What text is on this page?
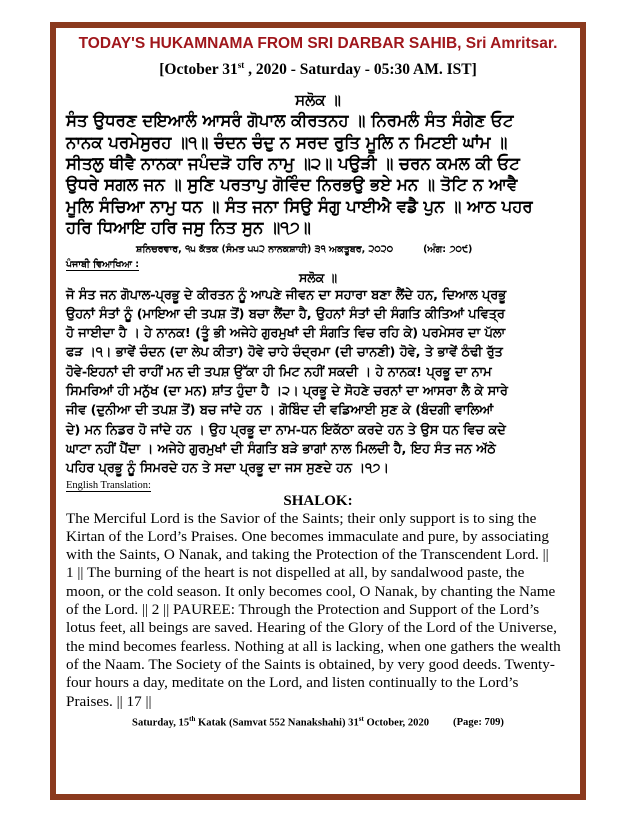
TODAY'S HUKAMNAMA FROM SRI DARBAR SAHIB, Sri Amritsar.
[October 31st , 2020 - Saturday - 05:30 AM. IST]
ਸਲੋਕ ॥
ਸੰਤ ਉਧਰਣ ਦਇਆਲੰ ਆਸਰੰ ਗੋਪਾਲ ਕੀਰਤਨਹ ॥ ਨਿਰਮਲੰ ਸੰਤ ਸੰਗੇਣ ਓਟ
ਨਾਨਕ ਪਰਮੇਸੁਰਹ ॥੧॥ ਚੰਦਨ ਚੰਦੁ ਨ ਸਰਦ ਰੁਤਿ ਮੂਲਿ ਨ ਮਿਟਈ ਘਾਂਮ ॥
ਸੀਤਲੁ ਥੀਵੈ ਨਾਨਕਾ ਜਪੰਦੜੋ ਹਰਿ ਨਾਮੁ ॥੨॥ ਪਉੜੀ ॥ ਚਰਨ ਕਮਲ ਕੀ ਓਟ
ਉਧਰੇ ਸਗਲ ਜਨ ॥ ਸੁਣਿ ਪਰਤਾਪੁ ਗੋਵਿੰਦ ਨਿਰਭਉ ਭਏ ਮਨ ॥ ਤੋਟਿ ਨ ਆਵੈ
ਮੂਲਿ ਸੰਚਿਆ ਨਾਮੁ ਧਨ ॥ ਸੰਤ ਜਨਾ ਸਿਉ ਸੰਗੁ ਪਾਈਐ ਵਡੈ ਪੁਨ ॥ ਆਠ ਪਹਰ
ਹਰਿ ਧਿਆਇ ਹਰਿ ਜਸੁ ਨਿਤ ਸੁਨ ॥੧੭॥
ਸ਼ਨਿਚਰਵਾਰ, ੧੫ ਕੱਤਕ (ਸੰਮਤ ੫੫੨ ਨਾਨਕਸ਼ਾਹੀ) ੩੧ ਅਕਤੂਬਰ, ੨੦੨੦	(ਅੰਗ: ੭੦੯)
ਪੰਜਾਬੀ ਵਿਆਖਿਆ :
ਸਲੋਕ ॥
ਜੋ ਸੰਤ ਜਨ ਗੋਪਾਲ-ਪ੍ਰਭੂ ਦੇ ਕੀਰਤਨ ਨੂੰ ਆਪਣੇ ਜੀਵਨ ਦਾ ਸਹਾਰਾ ਬਣਾ ਲੈਂਦੇ ਹਨ, ਦਿਆਲ ਪ੍ਰਭੂ
ਉਹਨਾਂ ਸੰਤਾਂ ਨੂੰ (ਮਾਇਆ ਦੀ ਤਪਸ਼ ਤੋਂ) ਬਚਾ ਲੈਂਦਾ ਹੈ, ਉਹਨਾਂ ਸੰਤਾਂ ਦੀ ਸੰਗਤਿ ਕੀਤਿਆਂ ਪਵਿਤ੍ਰ
ਹੋ ਜਾਈਦਾ ਹੈ । ਹੇ ਨਾਨਕ! (ਤੂੰ ਭੀ ਅਜੇਹੇ ਗੁਰਮੁਖਾਂ ਦੀ ਸੰਗਤਿ ਵਿਚ ਰਹਿ ਕੇ) ਪਰਮੇਸਰ ਦਾ ਪੱਲਾ
ਫੜ ।੧। ਭਾਵੇਂ ਚੰਦਨ (ਦਾ ਲੇਪ ਕੀਤਾ) ਹੋਵੇ ਚਾਹੇ ਚੰਦ੍ਰਮਾ (ਦੀ ਚਾਨਣੀ) ਹੋਵੇ, ਤੇ ਭਾਵੇਂ ਠੰਢੀ ਰੁੱਤ
ਹੋਵੇ-ਇਹਨਾਂ ਦੀ ਰਾਹੀਂ ਮਨ ਦੀ ਤਪਸ਼ ਉੱਕਾ ਹੀ ਮਿਟ ਨਹੀਂ ਸਕਦੀ । ਹੇ ਨਾਨਕ! ਪ੍ਰਭੂ ਦਾ ਨਾਮ
ਸਿਮਰਿਆਂ ਹੀ ਮਨੁੱਖ (ਦਾ ਮਨ) ਸ਼ਾਂਤ ਹੁੰਦਾ ਹੈ ।੨। ਪ੍ਰਭੂ ਦੇ ਸੋਹਣੇ ਚਰਨਾਂ ਦਾ ਆਸਰਾ ਲੈ ਕੇ ਸਾਰੇ
ਜੀਵ (ਦੁਨੀਆ ਦੀ ਤਪਸ਼ ਤੋਂ) ਬਚ ਜਾਂਦੇ ਹਨ । ਗੋਬਿੰਦ ਦੀ ਵਡਿਆਈ ਸੁਣ ਕੇ (ਬੰਦਗੀ ਵਾਲਿਆਂ
ਦੇ) ਮਨ ਨਿਡਰ ਹੋ ਜਾਂਦੇ ਹਨ । ਉਹ ਪ੍ਰਭੂ ਦਾ ਨਾਮ-ਧਨ ਇਕੱਠਾ ਕਰਦੇ ਹਨ ਤੇ ਉਸ ਧਨ ਵਿਚ ਕਦੇ
ਘਾਟਾ ਨਹੀਂ ਪੈਂਦਾ । ਅਜੇਹੇ ਗੁਰਮੁਖਾਂ ਦੀ ਸੰਗਤਿ ਬੜੇ ਭਾਗਾਂ ਨਾਲ ਮਿਲਦੀ ਹੈ, ਇਹ ਸੰਤ ਜਨ ਅੱਠੇ
ਪਹਿਰ ਪ੍ਰਭੂ ਨੂੰ ਸਿਮਰਦੇ ਹਨ ਤੇ ਸਦਾ ਪ੍ਰਭੂ ਦਾ ਜਸ ਸੁਣਦੇ ਹਨ ।੧੭।
English Translation:
SHALOK:
The Merciful Lord is the Savior of the Saints; their only support is to sing the
Kirtan of the Lord’s Praises. One becomes immaculate and pure, by associating
with the Saints, O Nanak, and taking the Protection of the Transcendent Lord. ||
1 || The burning of the heart is not dispelled at all, by sandalwood paste, the
moon, or the cold season. It only becomes cool, O Nanak, by chanting the Name
of the Lord. || 2 || PAUREE: Through the Protection and Support of the Lord’s
lotus feet, all beings are saved. Hearing of the Glory of the Lord of the Universe,
the mind becomes fearless. Nothing at all is lacking, when one gathers the wealth
of the Naam. The Society of the Saints is obtained, by very good deeds. Twenty-
four hours a day, meditate on the Lord, and listen continually to the Lord’s
Praises. || 17 ||
Saturday, 15th Katak (Samvat 552 Nanakshahi) 31st October, 2020 (Page: 709)
